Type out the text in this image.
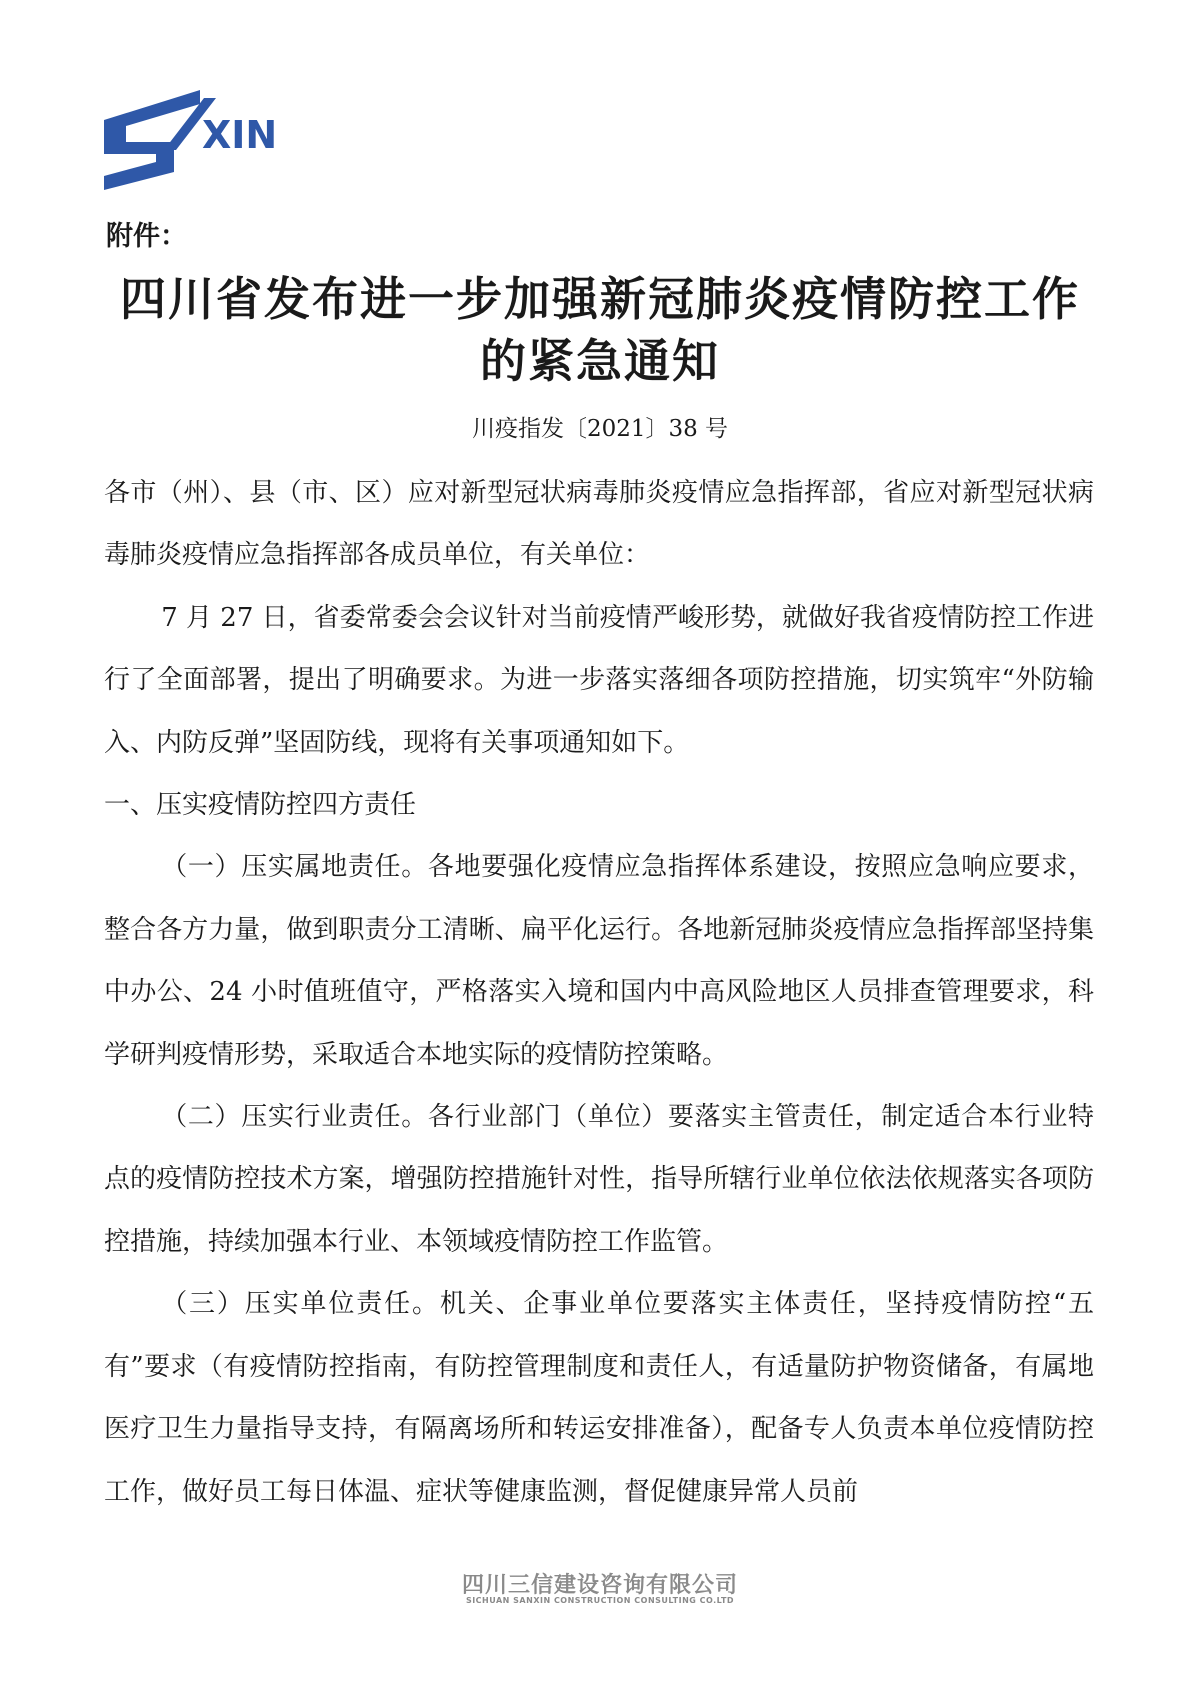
XIN
附件：
四川省发布进一步加强新冠肺炎疫情防控工作
的紧急通知
川疫指发〔2021〕38 号

各市（州）、县（市、区）应对新型冠状病毒肺炎疫情应急指挥部，省应对新型冠状病毒肺炎疫情应急指挥部各成员单位，有关单位：

7 月 27 日，省委常委会会议针对当前疫情严峻形势，就做好我省疫情防控工作进行了全面部署，提出了明确要求。为进一步落实落细各项防控措施，切实筑牢“外防输入、内防反弹”坚固防线，现将有关事项通知如下。

一、压实疫情防控四方责任

（一）压实属地责任。各地要强化疫情应急指挥体系建设，按照应急响应要求，整合各方力量，做到职责分工清晰、扁平化运行。各地新冠肺炎疫情应急指挥部坚持集中办公、24 小时值班值守，严格落实入境和国内中高风险地区人员排查管理要求，科学研判疫情形势，采取适合本地实际的疫情防控策略。

（二）压实行业责任。各行业部门（单位）要落实主管责任，制定适合本行业特点的疫情防控技术方案，增强防控措施针对性，指导所辖行业单位依法依规落实各项防控措施，持续加强本行业、本领域疫情防控工作监管。

（三）压实单位责任。机关、企事业单位要落实主体责任，坚持疫情防控“五有”要求（有疫情防控指南，有防控管理制度和责任人，有适量防护物资储备，有属地医疗卫生力量指导支持，有隔离场所和转运安排准备），配备专人负责本单位疫情防控工作，做好员工每日体温、症状等健康监测，督促健康异常人员前

四川三信建设咨询有限公司
SICHUAN SANXIN CONSTRUCTION CONSULTING CO.LTD
